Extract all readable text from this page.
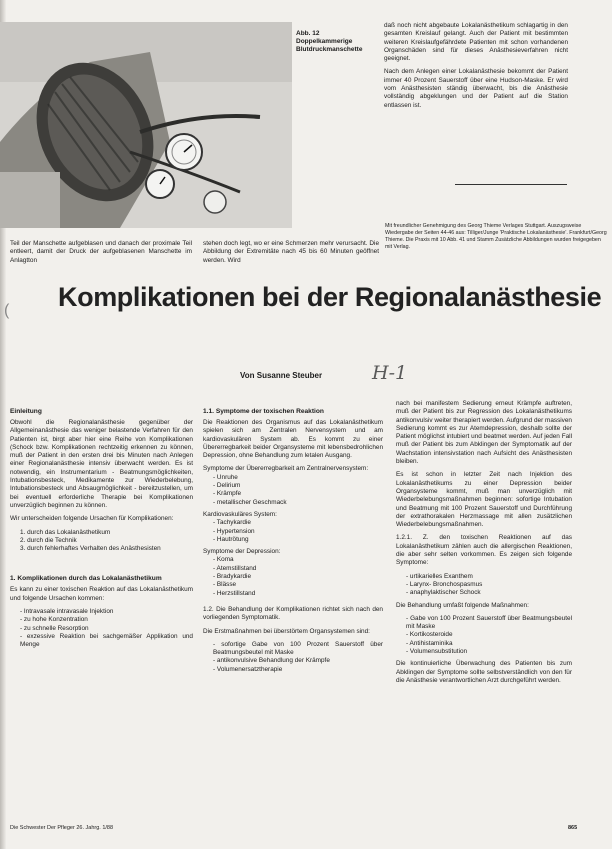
Abb. 12
Doppelkammerige
Blutdruckmanschette

daß noch nicht abgebaute Lokalanästhetikum schlagartig in den gesamten Kreislauf gelangt. Auch der Patient mit bestimmten weiteren Kreislaufgefährdete Patienten mit schon vorhandenen Organschäden sind für dieses Anästhesieverfahren nicht geeignet.

Nach dem Anlegen einer Lokalanästhesie bekommt der Patient immer 40 Prozent Sauerstoff über eine Hudson-Maske. Er wird vom Anästhesisten ständig überwacht, bis die Anästhesie vollständig abgeklungen und der Patient auf die Station entlassen ist.

Mit freundlicher Genehmigung des Georg Thieme Verlages Stuttgart. Auszugsweise Wiedergabe der Seiten 44-46 aus: Tilliger/Junge 'Praktische Lokalanästhesie'. Frankfurt/Georg Thieme. Die Praxis mit 10 Abb. 41 und Stamm Zusätzliche Abbildungen wurden freigegeben mit Verlag.
Teil der Manschette aufgeblasen und danach der proximale Teil entleert, damit der Druck der aufgeblasenen Manschette im Anlagtton
stehen doch legt, wo er eine Schmerzen mehr verursacht. Die Abbildung der Extremitäte nach 45 bis 60 Minuten geöffnet werden. Wird
( Komplikationen bei der Regionalanästhesie
Von Susanne Steuber	H-1
Einleitung

Obwohl die Regionalanästhesie gegenüber der Allgemeinanästhesie das weniger belastende Verfahren für den Patienten ist, birgt aber hier eine Reihe von Komplikationen (Schock bzw. Komplikationen rechtzeitig erkennen zu können, muß der Patient in den ersten drei bis Minuten nach Anlegen einer Regionalanästhesie intensiv überwacht werden. Es ist notwendig, ein Instrumentarium - Beatmungsmöglichkeiten, Intubationsbesteck, Medikamente zur Wiederbelebung, Intubationsbesteck und Absaugmöglichkeit - bereitzustellen, um bei eventuell erforderliche Therapie bei Komplikationen unverzüglich beginnen zu können.

Wir unterscheiden folgende Ursachen für Komplikationen:

1. durch das Lokalanästhetikum
2. durch die Technik
3. durch fehlerhaftes Verhalten des Anästhesisten
1. Komplikationen durch das Lokalanästhetikum

Es kann zu einer toxischen Reaktion auf das Lokalanästhetikum und folgende Ursachen kommen:

- Intravasale intravasale Injektion
- zu hohe Konzentration
- zu schnelle Resorption
- exzessive Reaktion bei sachgemäßer Applikation und Menge
1.1. Symptome der toxischen Reaktion

Die Reaktionen des Organismus auf das Lokalanästhetikum spielen sich am Zentralen Nervensystem und am kardiovaskulären System ab. Es kommt zu einer Übererregbarkeit beider Organsysteme mit lebensbedrohlichen Depression, ohne Behandlung zum letalen Ausgang.

Symptome der Übererregbarkeit am Zentralnervensystem:
- Unruhe
- Delirium
- Krämpfe
- metallischer Geschmack
Kardiovaskuläres System:
- Tachykardie
- Hypertension
- Hautrötung
Symptome der Depression:
- Koma
- Atemstillstand
- Bradykardie
- Blässe
- Herzstillstand

1.2. Die Behandlung der Komplikationen richtet sich nach den vorliegenden Symptomatik.

Die Erstmaßnahmen bei überstörtem Organsystemen sind:

- sofortige Gabe von 100 Prozent Sauerstoff über Beatmungsbeutel mit Maske
- antikonvulsive Behandlung der Krämpfe
- Volumenersatztherapie

nach bei manifestem Sedierung erneut Krämpfe auftreten, muß der Patient bis zur Regression des Lokalanästhetikums antikonvulsiv weiter therapiert werden. Aufgrund der massiven Sedierung kommt es zur Atemdepression, deshalb sollte der Patient möglichst intubiert und beatmet werden. Auf jeden Fall muß der Patient bis zum Abklingen der Symptomatik auf der Wachstation intensivstation nach Aufsicht des Anästhesisten bleiben.

Es ist schon in letzter Zeit nach Injektion des Lokalanästhetikums zu einer Depression beider Organsysteme kommt, muß man unverzüglich mit Wiederbelebungsmaßnahmen beginnen: sofortige Intubation und Beatmung mit 100 Prozent Sauerstoff und Durchführung der extrathorakalen Herzmassage mit allen zusätzlichen Wiederbelebungsmaßnahmen.

1.2.1. Z. den toxischen Reaktionen auf das Lokalanästhetikum zählen auch die allergischen Reaktionen, die aber sehr selten vorkommen. Es zeigen sich folgende Symptome:

- urtikarielles Exanthem
- Larynx- Bronchospasmus
- anaphylaktischer Schock

Die Behandlung umfaßt folgende Maßnahmen:

- Gabe von 100 Prozent Sauerstoff über Beatmungsbeutel mit Maske
- Kortikosteroide
- Antihistaminika
- Volumensubstitution

Die kontinuierliche Überwachung des Patienten bis zum Abklingen der Symptome sollte selbstverständlich von den für die Anästhesie verantwortlichen Arzt durchgeführt werden.

Die Schwester Der Pfleger 26. Jahrg. 1/88	865
